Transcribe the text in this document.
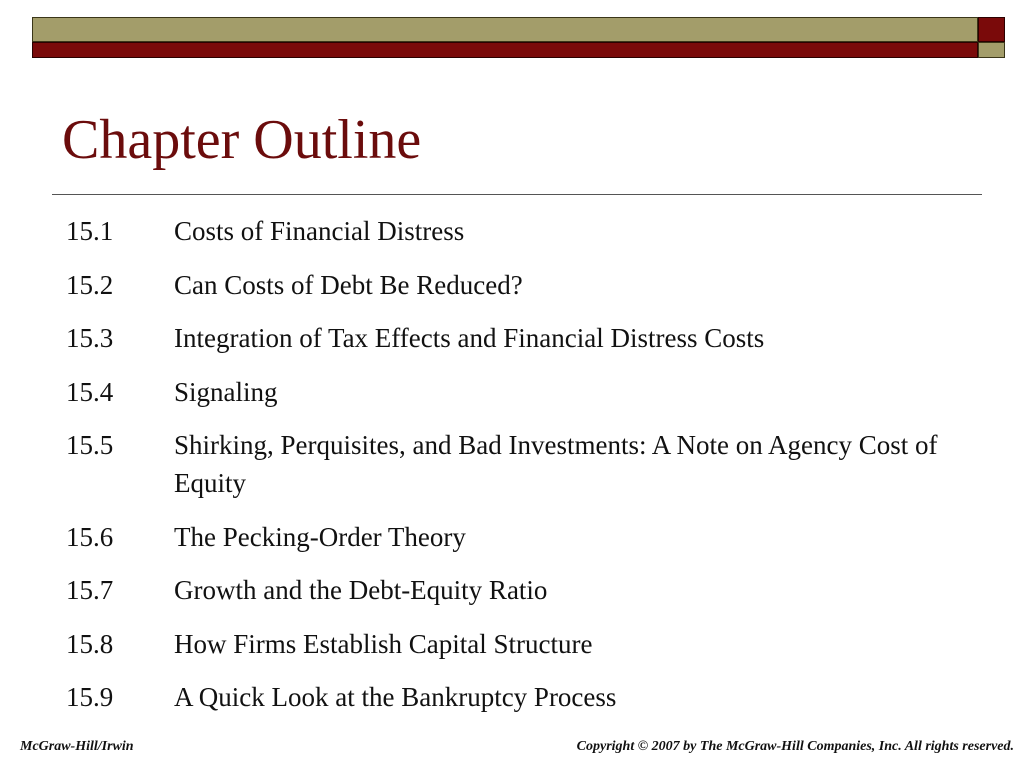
Chapter Outline
15.1	Costs of Financial Distress
15.2	Can Costs of Debt Be Reduced?
15.3	Integration of Tax Effects and Financial Distress Costs
15.4	Signaling
15.5	Shirking, Perquisites, and Bad Investments: A Note on Agency Cost of Equity
15.6	The Pecking-Order Theory
15.7	Growth and the Debt-Equity Ratio
15.8	How Firms Establish Capital Structure
15.9	A Quick Look at the Bankruptcy Process
McGraw-Hill/Irwin	Copyright © 2007 by The McGraw-Hill Companies, Inc. All rights reserved.
